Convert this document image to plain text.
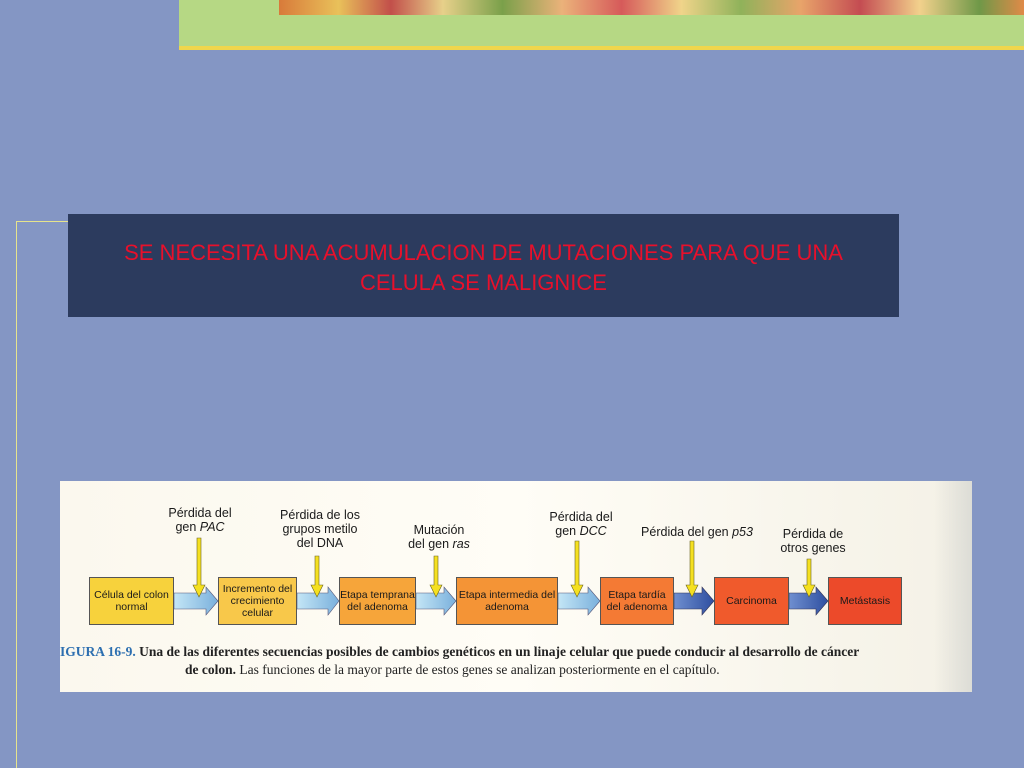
SE NECESITA UNA ACUMULACION DE MUTACIONES PARA QUE UNA CELULA SE MALIGNICE
Pérdida del
gen PAC
Pérdida de los
grupos metilo
del DNA
Mutación
del gen ras
Pérdida del
gen DCC	Pérdida del gen p53	Pérdida de
otros genes
Célula del colon normal
Incremento del crecimiento celular
Etapa temprana del adenoma
Etapa intermedia del adenoma
Etapa tardía del adenoma	Carcinoma	Metástasis
IGURA 16-9. Una de las diferentes secuencias posibles de cambios genéticos en un linaje celular que puede conducir al desarrollo de cáncer
de colon. Las funciones de la mayor parte de estos genes se analizan posteriormente en el capítulo.
